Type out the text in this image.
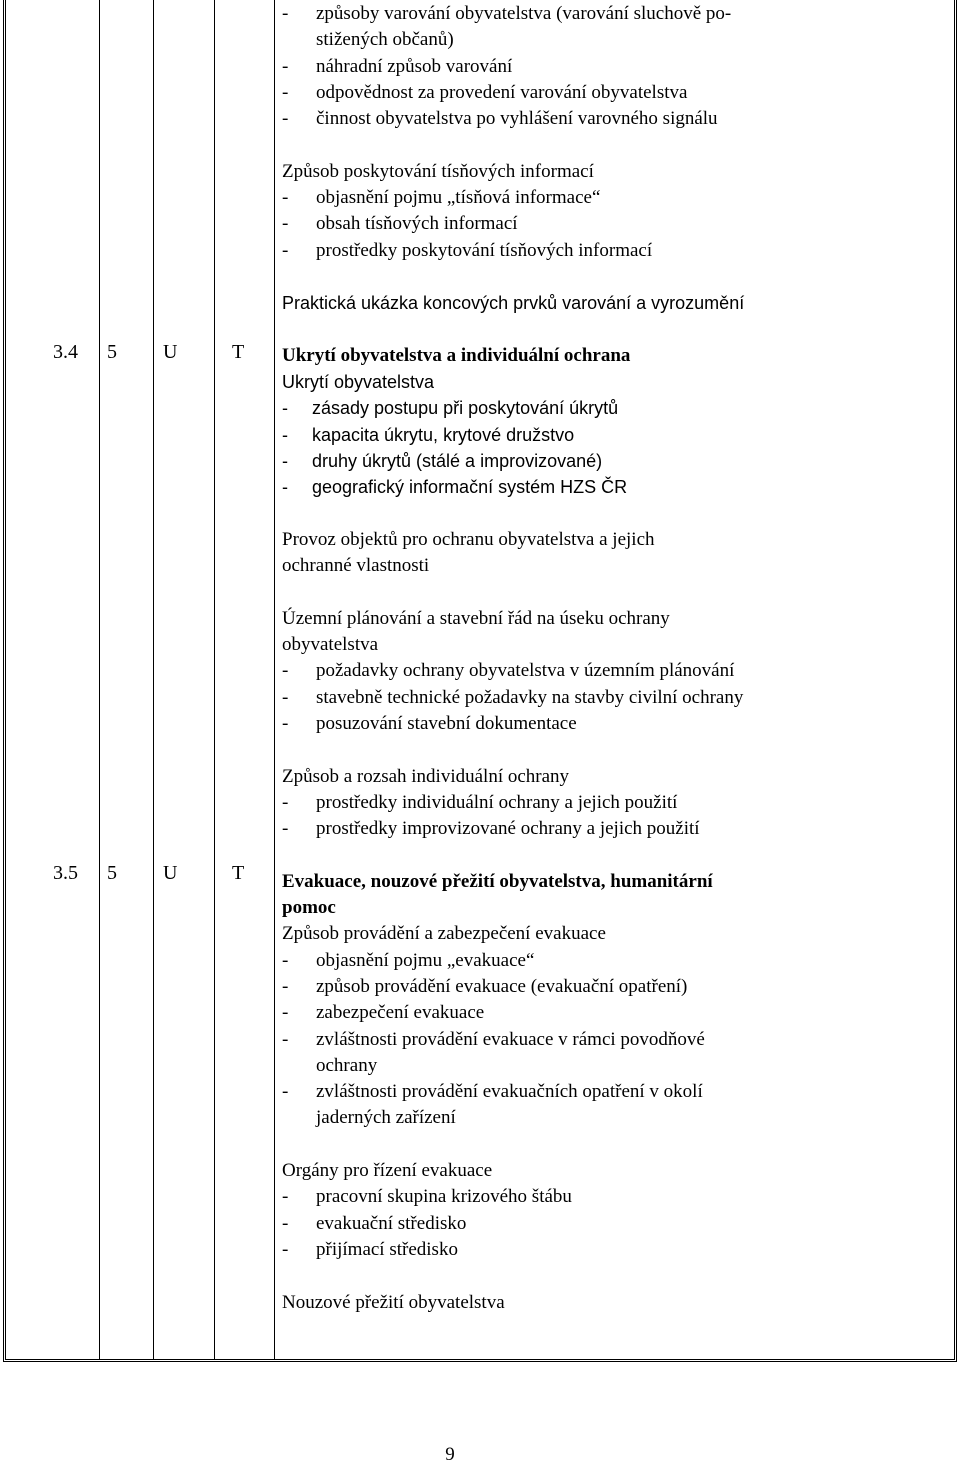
3.4 5 U	T
3.5 5 U	T
- způsoby varování obyvatelstva (varování sluchově po-
stižených občanů)
- náhradní způsob varování
- odpovědnost za provedení varování obyvatelstva
- činnost obyvatelstva po vyhlášení varovného signálu
Způsob poskytování tísňových informací
- objasnění pojmu „tísňová informace“
- obsah tísňových informací
- prostředky poskytování tísňových informací
Praktická ukázka koncových prvků varování a vyrozumění
Ukrytí obyvatelstva a individuální ochrana
Ukrytí obyvatelstva
- zásady postupu při poskytování úkrytů
- kapacita úkrytu, krytové družstvo
- druhy úkrytů (stálé a improvizované)
- geografický informační systém HZS ČR
Provoz objektů pro ochranu obyvatelstva a jejich
ochranné vlastnosti
Územní plánování a stavební řád na úseku ochrany
obyvatelstva
- požadavky ochrany obyvatelstva v územním plánování
- stavebně technické požadavky na stavby civilní ochrany
- posuzování stavební dokumentace
Způsob a rozsah individuální ochrany
- prostředky individuální ochrany a jejich použití
- prostředky improvizované ochrany a jejich použití
Evakuace, nouzové přežití obyvatelstva, humanitární
pomoc
Způsob provádění a zabezpečení evakuace
- objasnění pojmu „evakuace“
- způsob provádění evakuace (evakuační opatření)
- zabezpečení evakuace
- zvláštnosti provádění evakuace v rámci povodňové
ochrany
- zvláštnosti provádění evakuačních opatření v okolí
jaderných zařízení
Orgány pro řízení evakuace
- pracovní skupina krizového štábu
- evakuační středisko
- přijímací středisko
Nouzové přežití obyvatelstva
9
